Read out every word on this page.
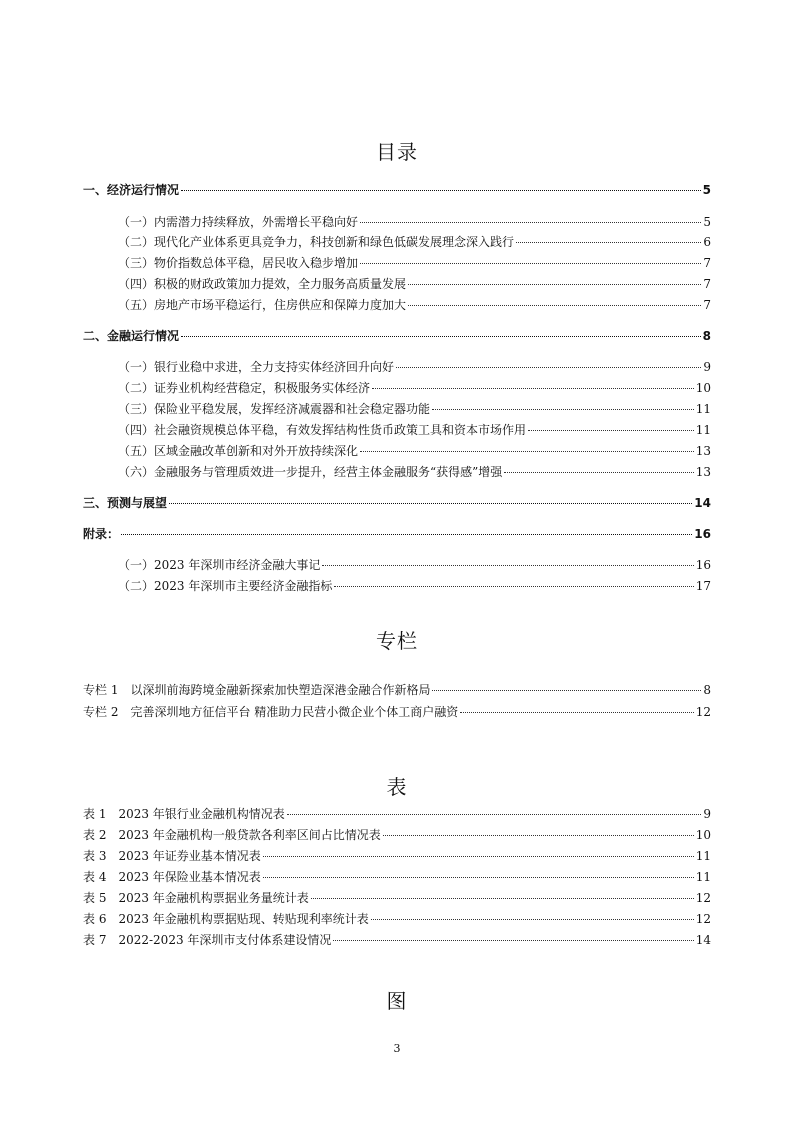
目录
一、经济运行情况	5
（一）内需潜力持续释放，外需增长平稳向好	5
（二）现代化产业体系更具竞争力，科技创新和绿色低碳发展理念深入践行	6
（三）物价指数总体平稳，居民收入稳步增加	7
（四）积极的财政政策加力提效，全力服务高质量发展	7
（五）房地产市场平稳运行，住房供应和保障力度加大	7
二、金融运行情况	8
（一）银行业稳中求进，全力支持实体经济回升向好	9
（二）证券业机构经营稳定，积极服务实体经济	10
（三）保险业平稳发展，发挥经济减震器和社会稳定器功能	11
（四）社会融资规模总体平稳，有效发挥结构性货币政策工具和资本市场作用	11
（五）区域金融改革创新和对外开放持续深化	13
（六）金融服务与管理质效进一步提升，经营主体金融服务“获得感”增强	13
三、预测与展望	14
附录：	16
（一）2023 年深圳市经济金融大事记	16
（二）2023 年深圳市主要经济金融指标	17
专栏
专栏 1　以深圳前海跨境金融新探索加快塑造深港金融合作新格局	8
专栏 2　完善深圳地方征信平台 精准助力民营小微企业个体工商户融资	12
表
表 1　2023 年银行业金融机构情况表	9
表 2　2023 年金融机构一般贷款各利率区间占比情况表	10
表 3　2023 年证券业基本情况表	11
表 4　2023 年保险业基本情况表	11
表 5　2023 年金融机构票据业务量统计表	12
表 6　2023 年金融机构票据贴现、转贴现利率统计表	12
表 7　2022-2023 年深圳市支付体系建设情况	14
图
3
